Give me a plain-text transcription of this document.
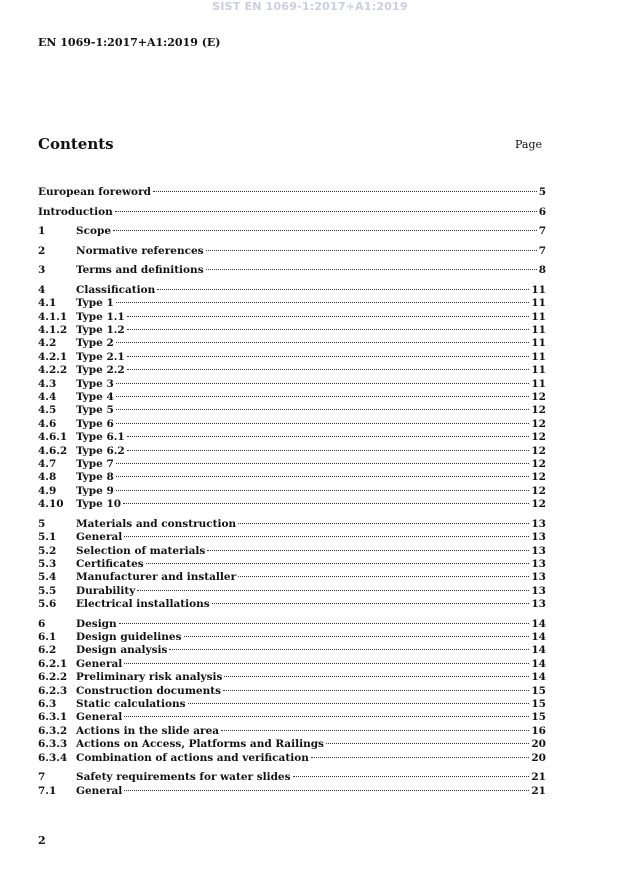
SIST EN 1069-1:2017+A1:2019
EN 1069-1:2017+A1:2019 (E)
Contents	Page
European foreword	5
Introduction	6
1	Scope	7
2	Normative references	7
3	Terms and definitions	8
4	Classification	11
4.1	Type 1	11
4.1.1 Type 1.1	11
4.1.2 Type 1.2	11
4.2	Type 2	11
4.2.1 Type 2.1	11
4.2.2 Type 2.2	11
4.3	Type 3	11
4.4	Type 4	12
4.5	Type 5	12
4.6	Type 6	12
4.6.1 Type 6.1	12
4.6.2 Type 6.2	12
4.7	Type 7	12
4.8	Type 8	12
4.9	Type 9	12
4.10	Type 10	12
5	Materials and construction	13
5.1	General	13
5.2	Selection of materials	13
5.3	Certificates	13
5.4	Manufacturer and installer	13
5.5	Durability	13
5.6	Electrical installations	13
6	Design	14
6.1	Design guidelines	14
6.2	Design analysis	14
6.2.1 General	14
6.2.2 Preliminary risk analysis	14
6.2.3 Construction documents	15
6.3	Static calculations	15
6.3.1 General	15
6.3.2 Actions in the slide area	16
6.3.3 Actions on Access, Platforms and Railings	20
6.3.4 Combination of actions and verification	20
7	Safety requirements for water slides	21
7.1	General	21
2
